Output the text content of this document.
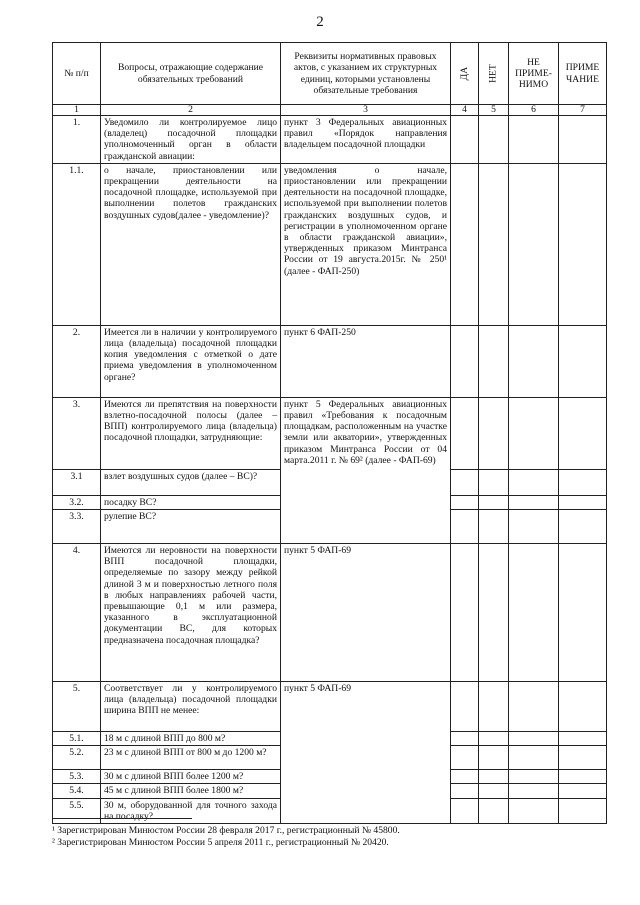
2
№ п/п	Вопросы, отражающие содержание обязательных требований	Реквизиты нормативных правовых актов, с указанием их структурных единиц, которыми установлены обязательные требования	ДА	НЕТ	НЕ ПРИМЕ-НИМО	ПРИМЕ ЧАНИЕ
1	2	3	4	5	6	7
1.	Уведомило ли контролируемое лицо (владелец) посадочной площадки уполномоченный орган в области гражданской авиации:	пункт 3 Федеральных авиационных правил «Порядок направления владельцем посадочной площадки				
1.1.	о начале, приостановлении или прекращении деятельности на посадочной площадке, используемой при выполнении полетов гражданских воздушных судов(далее - уведомление)?	уведомления о начале, приостановлении или прекращении деятельности на посадочной площадке, используемой при выполнении полетов гражданских воздушных судов, и регистрации в уполномоченном органе в области гражданской авиации», утвержденных приказом Минтранса России от 19 августа.2015г. № 250¹ (далее - ФАП-250)				
2.	Имеется ли в наличии у контролируемого лица (владельца) посадочной площадки копия уведомления с отметкой о дате приема уведомления в уполномоченном органе?	пункт 6 ФАП-250				
3.	Имеются ли препятствия на поверхности взлетно-посадочной полосы (далее – ВПП) контролируемого лица (владельца) посадочной площадки, затрудняющие:	пункт 5 Федеральных авиационных правил «Требования к посадочным площадкам, расположенным на участке земли или акватории», утвержденных приказом Минтранса России от 04 марта.2011 г. № 69² (далее - ФАП-69)				
3.1	взлет воздушных судов (далее – ВС)?					
3.2.	посадку ВС?					
3.3.	рулепие ВС?					
4.	Имеются ли неровности на поверхности ВПП посадочной площадки, определяемые по зазору между рейкой длиной 3 м и поверхностью летного поля в любых направлениях рабочей части, превышающие 0,1 м или размера, указанного в эксплуатационной документации ВС, для которых предназначена посадочная площадка?	пункт 5 ФАП-69				
5.	Соответствует ли у контролируемого лица (владельца) посадочной площадки ширина ВПП не менее:	пункт 5 ФАП-69				
5.1.	18 м с длиной ВПП до 800 м?					
5.2.	23 м с длиной ВПП от 800 м до 1200 м?					
5.3.	30 м с длиной ВПП более 1200 м?					
5.4.	45 м с длиной ВПП более 1800 м?					
5.5.	30 м, оборудованной для точного захода на посадку?					
¹ Зарегистрирован Минюстом России 28 февраля 2017 г., регистрационный № 45800.
² Зарегистрирован Минюстом России 5 апреля 2011 г., регистрационный № 20420.
